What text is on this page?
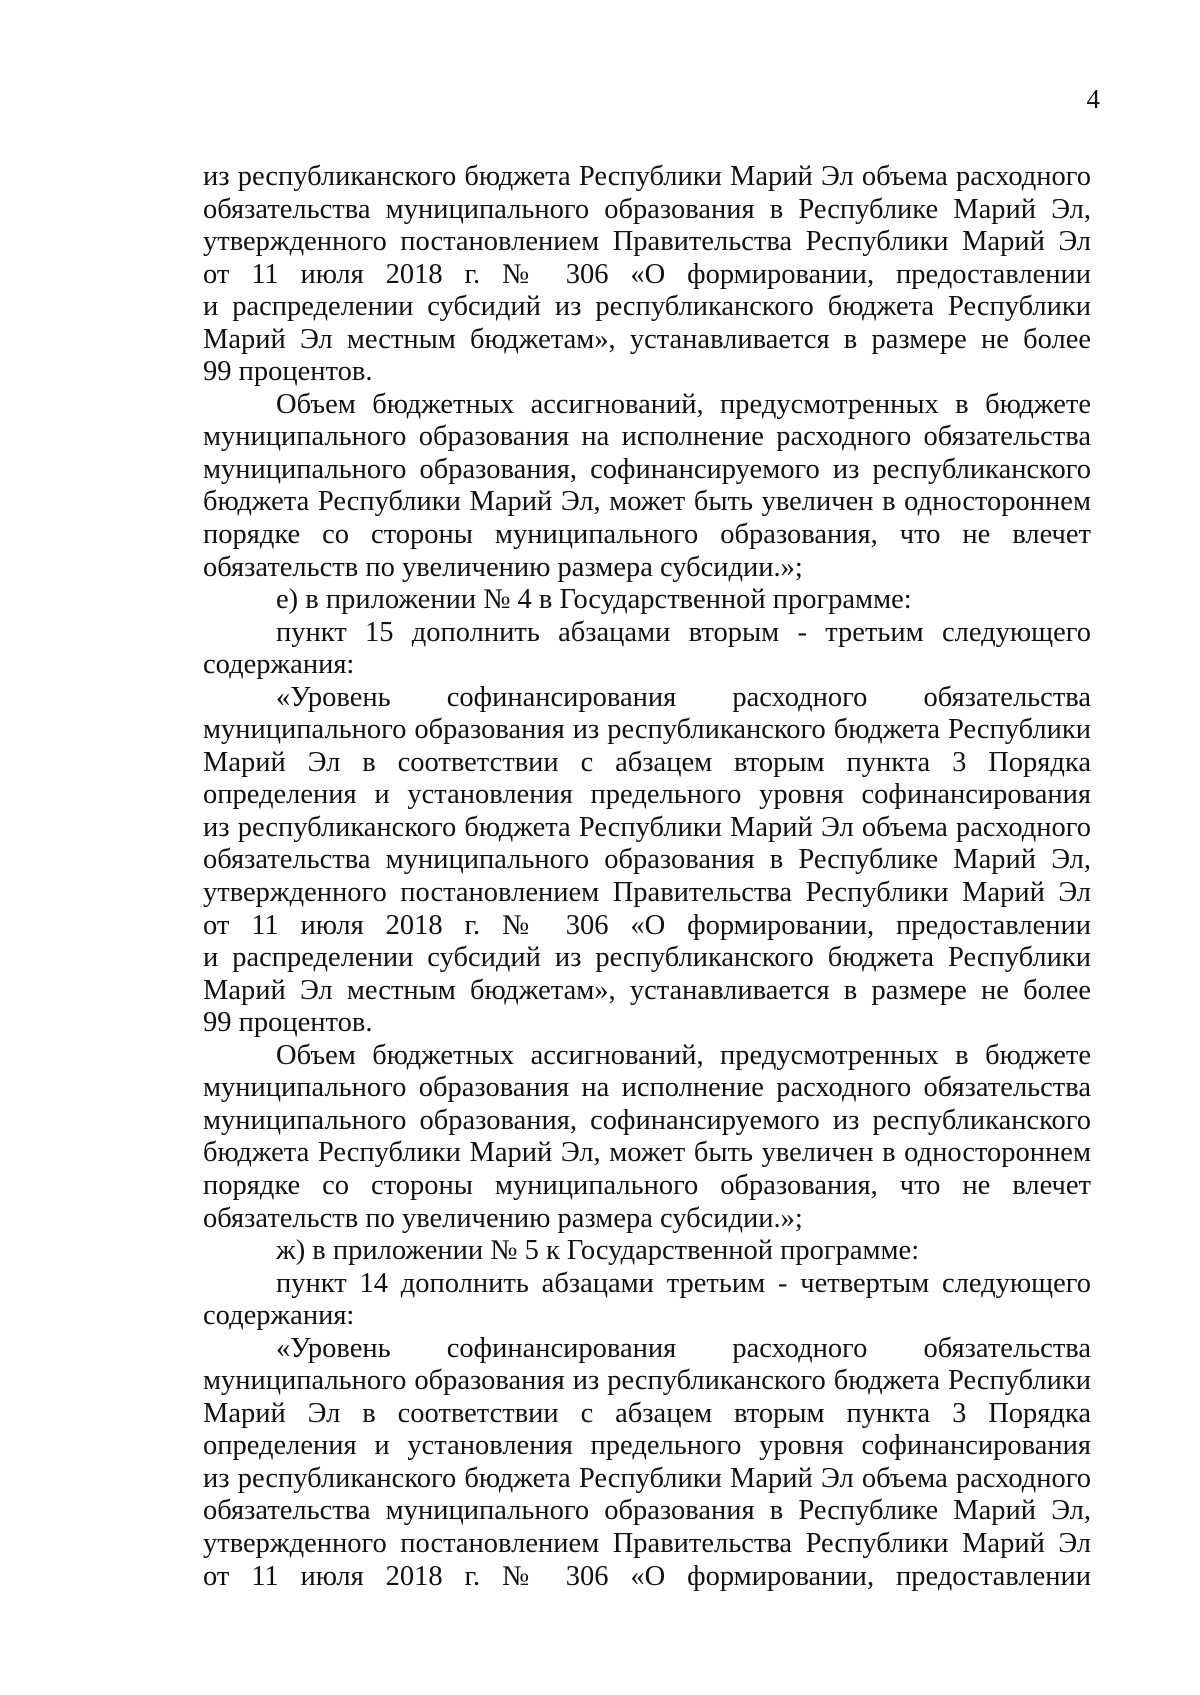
4
из республиканского бюджета Республики Марий Эл объема расходного
обязательства муниципального образования в Республике Марий Эл,
утвержденного постановлением Правительства Республики Марий Эл
от 11 июля 2018 г. № 306 «О формировании, предоставлении
и распределении субсидий из республиканского бюджета Республики
Марий Эл местным бюджетам», устанавливается в размере не более
99 процентов.
Объем бюджетных ассигнований, предусмотренных в бюджете
муниципального образования на исполнение расходного обязательства
муниципального образования, софинансируемого из республиканского
бюджета Республики Марий Эл, может быть увеличен в одностороннем
порядке со стороны муниципального образования, что не влечет
обязательств по увеличению размера субсидии.»;
е) в приложении № 4 в Государственной программе:
пункт 15 дополнить абзацами вторым - третьим следующего
содержания:
«Уровень софинансирования расходного обязательства
муниципального образования из республиканского бюджета Республики
Марий Эл в соответствии с абзацем вторым пункта 3 Порядка
определения и установления предельного уровня софинансирования
из республиканского бюджета Республики Марий Эл объема расходного
обязательства муниципального образования в Республике Марий Эл,
утвержденного постановлением Правительства Республики Марий Эл
от 11 июля 2018 г. № 306 «О формировании, предоставлении
и распределении субсидий из республиканского бюджета Республики
Марий Эл местным бюджетам», устанавливается в размере не более
99 процентов.
Объем бюджетных ассигнований, предусмотренных в бюджете
муниципального образования на исполнение расходного обязательства
муниципального образования, софинансируемого из республиканского
бюджета Республики Марий Эл, может быть увеличен в одностороннем
порядке со стороны муниципального образования, что не влечет
обязательств по увеличению размера субсидии.»;
ж) в приложении № 5 к Государственной программе:
пункт 14 дополнить абзацами третьим - четвертым следующего
содержания:
«Уровень софинансирования расходного обязательства
муниципального образования из республиканского бюджета Республики
Марий Эл в соответствии с абзацем вторым пункта 3 Порядка
определения и установления предельного уровня софинансирования
из республиканского бюджета Республики Марий Эл объема расходного
обязательства муниципального образования в Республике Марий Эл,
утвержденного постановлением Правительства Республики Марий Эл
от 11 июля 2018 г. № 306 «О формировании, предоставлении
